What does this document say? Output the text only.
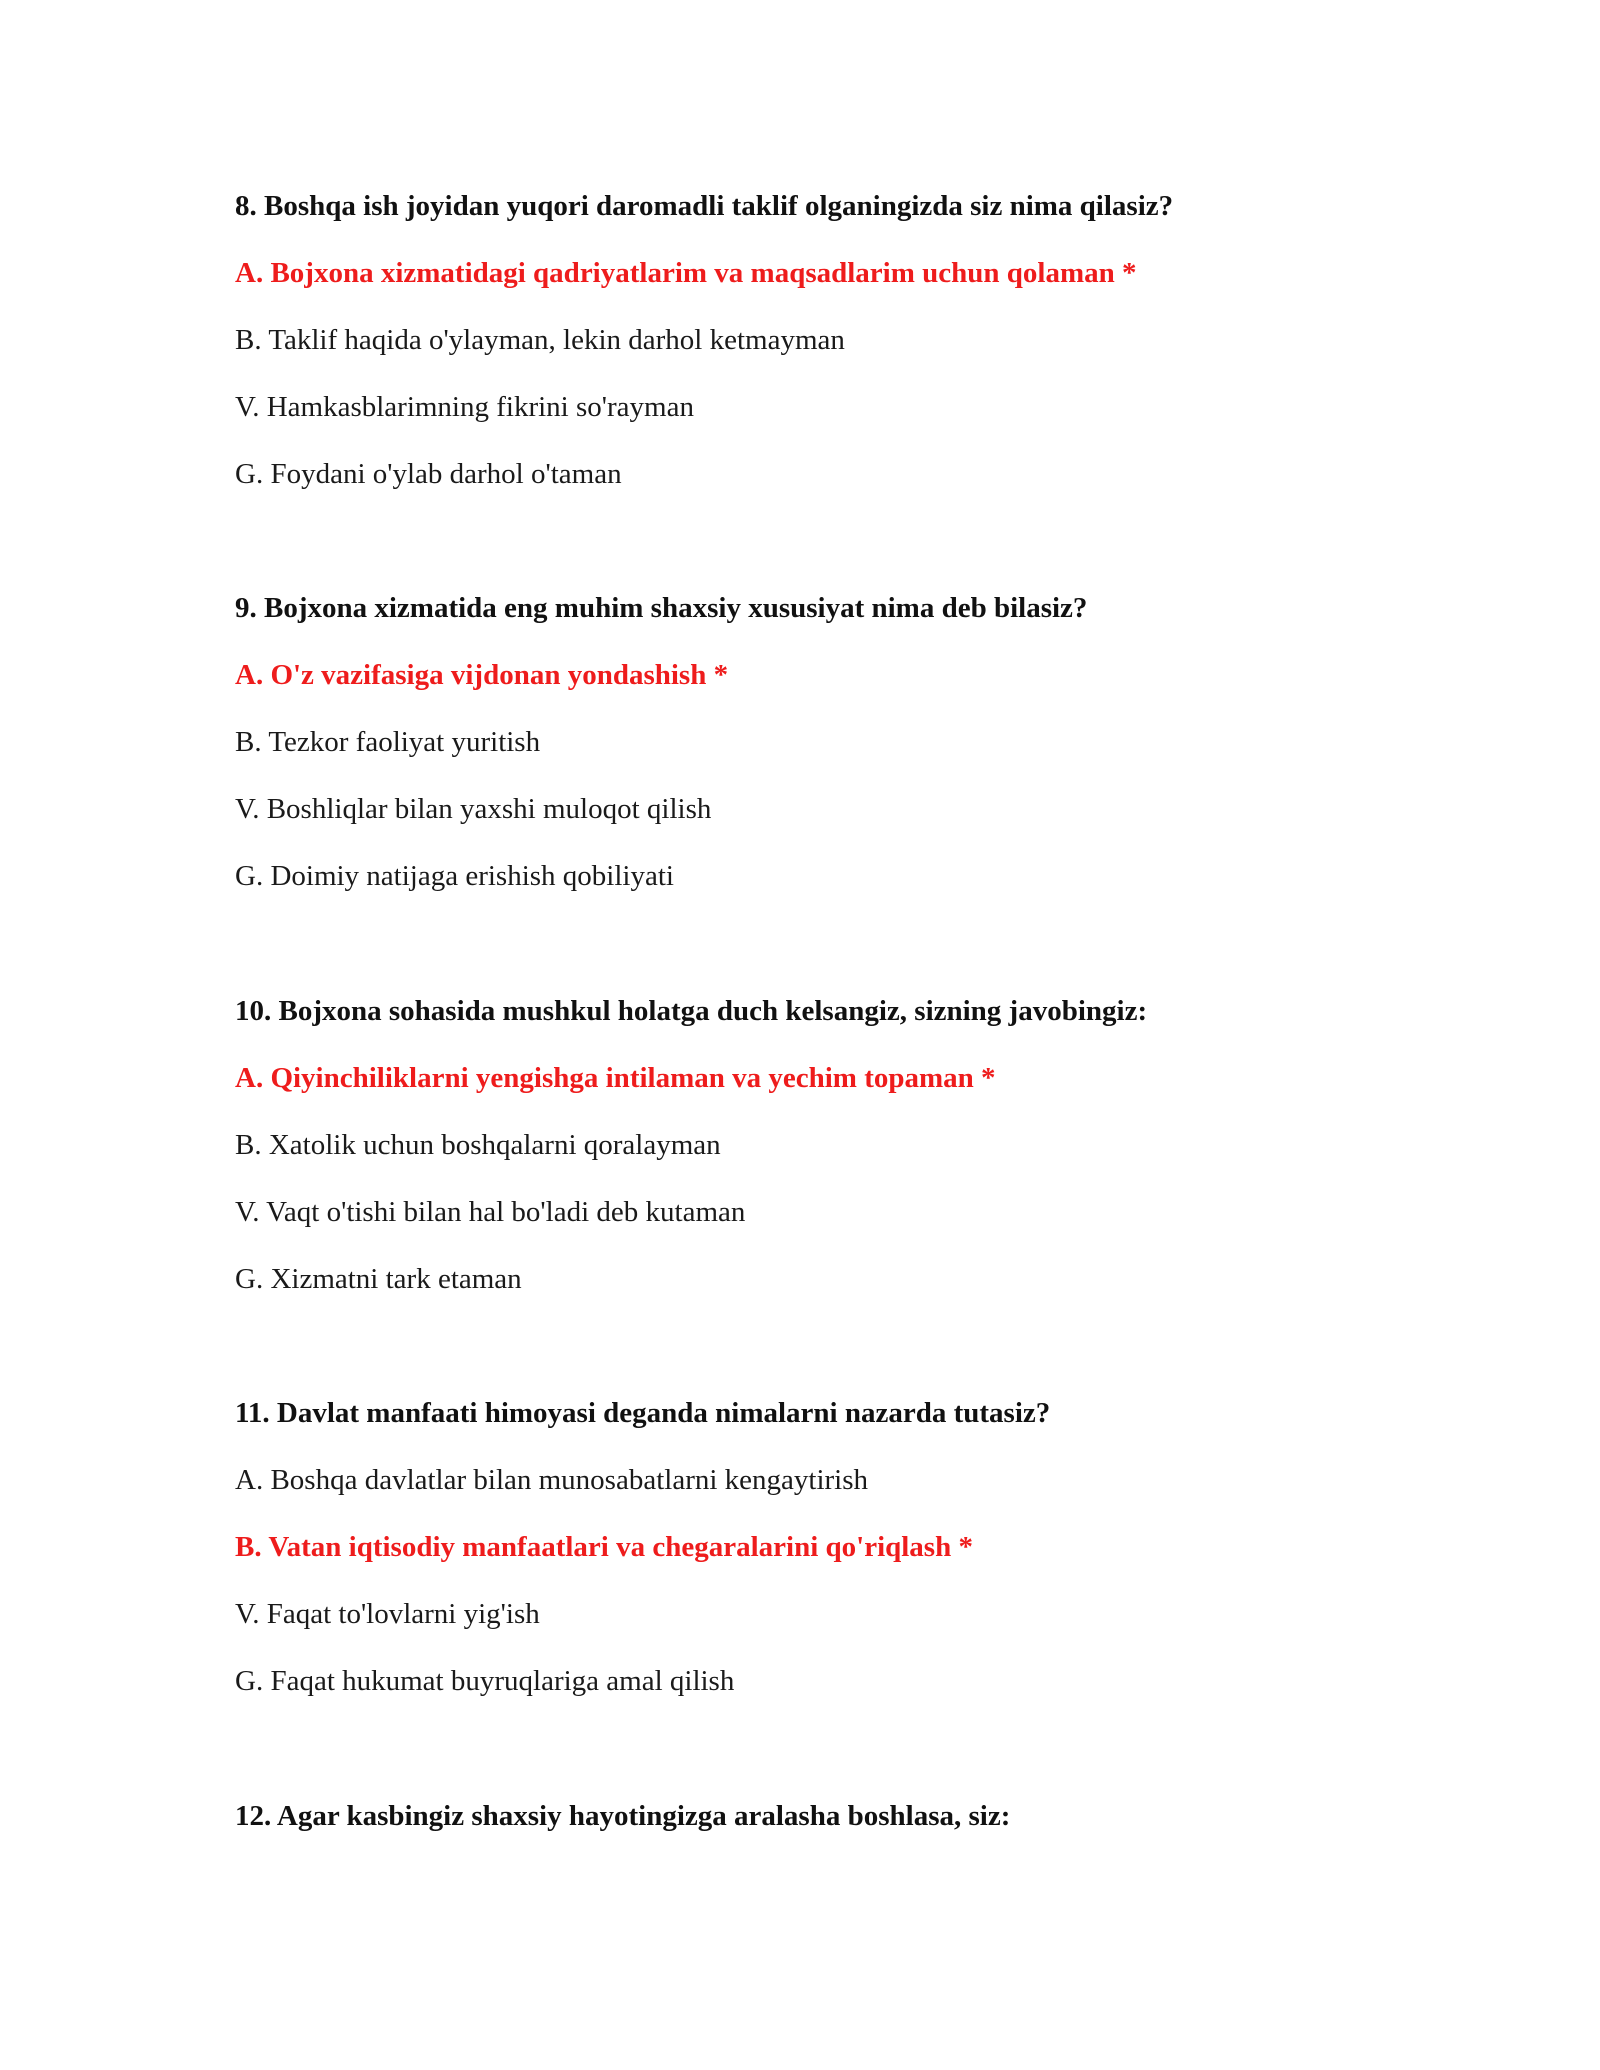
8. Boshqa ish joyidan yuqori daromadli taklif olganingizda siz nima qilasiz?
A. Bojxona xizmatidagi qadriyatlarim va maqsadlarim uchun qolaman *
B. Taklif haqida o'ylayman, lekin darhol ketmayman
V. Hamkasblarimning fikrini so'rayman
G. Foydani o'ylab darhol o'taman
9. Bojxona xizmatida eng muhim shaxsiy xususiyat nima deb bilasiz?
A. O'z vazifasiga vijdonan yondashish *
B. Tezkor faoliyat yuritish
V. Boshliqlar bilan yaxshi muloqot qilish
G. Doimiy natijaga erishish qobiliyati
10. Bojxona sohasida mushkul holatga duch kelsangiz, sizning javobingiz:
A. Qiyinchiliklarni yengishga intilaman va yechim topaman *
B. Xatolik uchun boshqalarni qoralayman
V. Vaqt o'tishi bilan hal bo'ladi deb kutaman
G. Xizmatni tark etaman
11. Davlat manfaati himoyasi deganda nimalarni nazarda tutasiz?
A. Boshqa davlatlar bilan munosabatlarni kengaytirish
B. Vatan iqtisodiy manfaatlari va chegaralarini qo'riqlash *
V. Faqat to'lovlarni yig'ish
G. Faqat hukumat buyruqlariga amal qilish
12. Agar kasbingiz shaxsiy hayotingizga aralasha boshlasa, siz:
